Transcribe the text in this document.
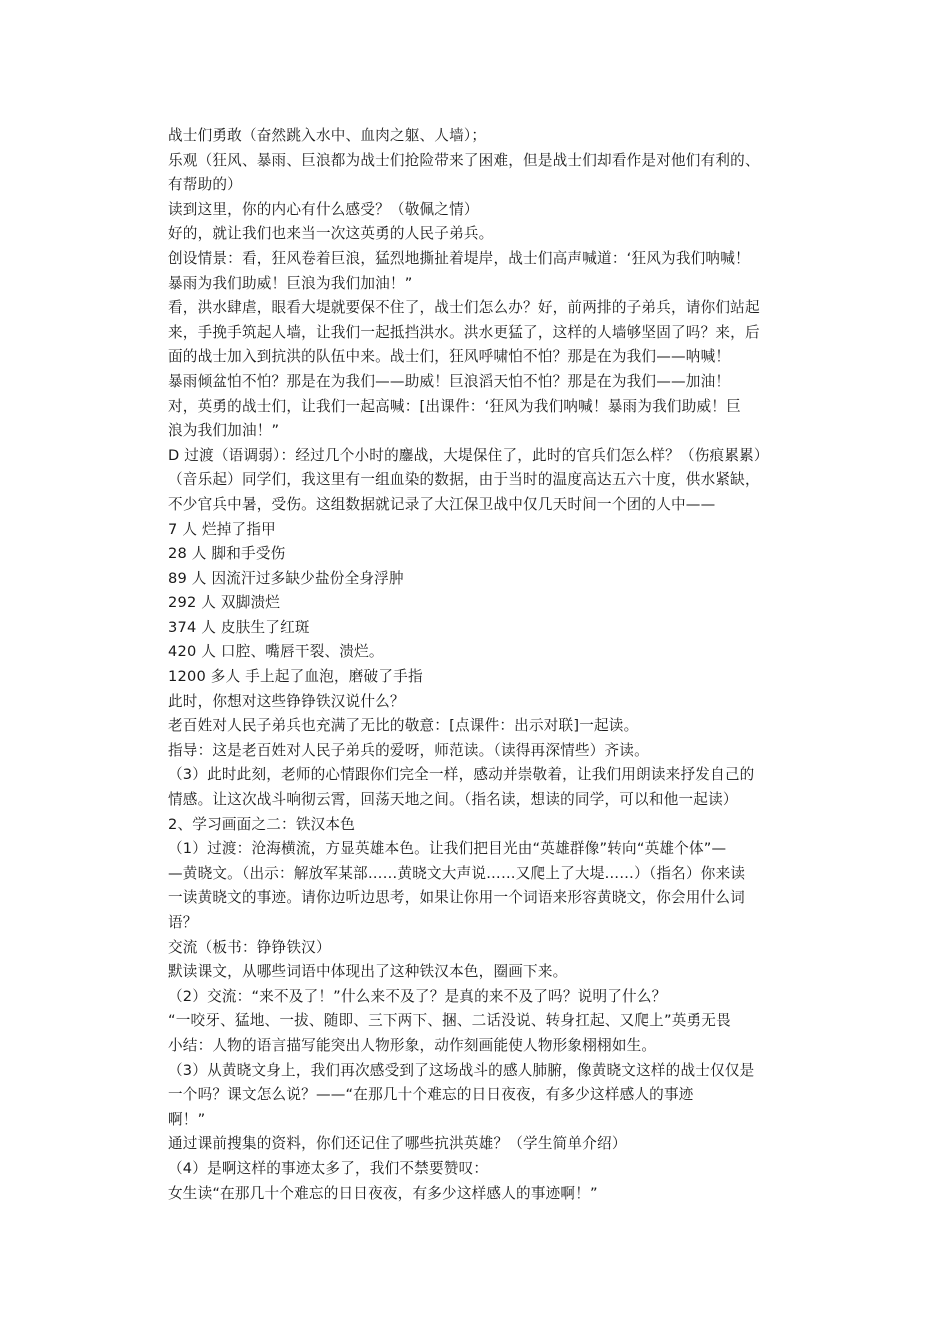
战士们勇敢（奋然跳入水中、血肉之躯、人墙）；
乐观（狂风、暴雨、巨浪都为战士们抢险带来了困难，但是战士们却看作是对他们有利的、
有帮助的）
读到这里，你的内心有什么感受？（敬佩之情）
好的，就让我们也来当一次这英勇的人民子弟兵。
创设情景：看，狂风卷着巨浪，猛烈地撕扯着堤岸，战士们高声喊道：‘狂风为我们呐喊！
暴雨为我们助威！巨浪为我们加油！”
看，洪水肆虐，眼看大堤就要保不住了，战士们怎么办？好，前两排的子弟兵，请你们站起
来，手挽手筑起人墙，让我们一起抵挡洪水。洪水更猛了，这样的人墙够坚固了吗？来，后
面的战士加入到抗洪的队伍中来。战士们，狂风呼啸怕不怕？那是在为我们——呐喊！
暴雨倾盆怕不怕？那是在为我们——助威！巨浪滔天怕不怕？那是在为我们——加油！
对，英勇的战士们，让我们一起高喊：[出课件：‘狂风为我们呐喊！暴雨为我们助威！巨
浪为我们加油！”
D 过渡（语调弱）：经过几个小时的鏖战，大堤保住了，此时的官兵们怎么样？（伤痕累累）
（音乐起）同学们，我这里有一组血染的数据，由于当时的温度高达五六十度，供水紧缺，
不少官兵中暑，受伤。这组数据就记录了大江保卫战中仅几天时间一个团的人中——
7 人 烂掉了指甲
28 人 脚和手受伤
89 人 因流汗过多缺少盐份全身浮肿
292 人 双脚溃烂
374 人 皮肤生了红斑
420 人 口腔、嘴唇干裂、溃烂。
1200 多人 手上起了血泡，磨破了手指
此时，你想对这些铮铮铁汉说什么？
老百姓对人民子弟兵也充满了无比的敬意：[点课件：出示对联]一起读。
指导：这是老百姓对人民子弟兵的爱呀，师范读。（读得再深情些）齐读。
（3）此时此刻，老师的心情跟你们完全一样，感动并崇敬着，让我们用朗读来抒发自己的
情感。让这次战斗响彻云霄，回荡天地之间。（指名读，想读的同学，可以和他一起读）
2、学习画面之二：铁汉本色
（1）过渡：沧海横流，方显英雄本色。让我们把目光由“英雄群像”转向“英雄个体”—
—黄晓文。（出示：解放军某部……黄晓文大声说……又爬上了大堤……）（指名）你来读
一读黄晓文的事迹。请你边听边思考，如果让你用一个词语来形容黄晓文，你会用什么词
语？
交流（板书：铮铮铁汉）
默读课文，从哪些词语中体现出了这种铁汉本色，圈画下来。
（2）交流：“来不及了！”什么来不及了？是真的来不及了吗？说明了什么？
“一咬牙、猛地、一拔、随即、三下两下、捆、二话没说、转身扛起、又爬上”英勇无畏
小结：人物的语言描写能突出人物形象，动作刻画能使人物形象栩栩如生。
（3）从黄晓文身上，我们再次感受到了这场战斗的感人肺腑，像黄晓文这样的战士仅仅是
一个吗？课文怎么说？——“在那几十个难忘的日日夜夜，有多少这样感人的事迹
啊！”
通过课前搜集的资料，你们还记住了哪些抗洪英雄？（学生简单介绍）
（4）是啊这样的事迹太多了，我们不禁要赞叹：
女生读“在那几十个难忘的日日夜夜，有多少这样感人的事迹啊！”
